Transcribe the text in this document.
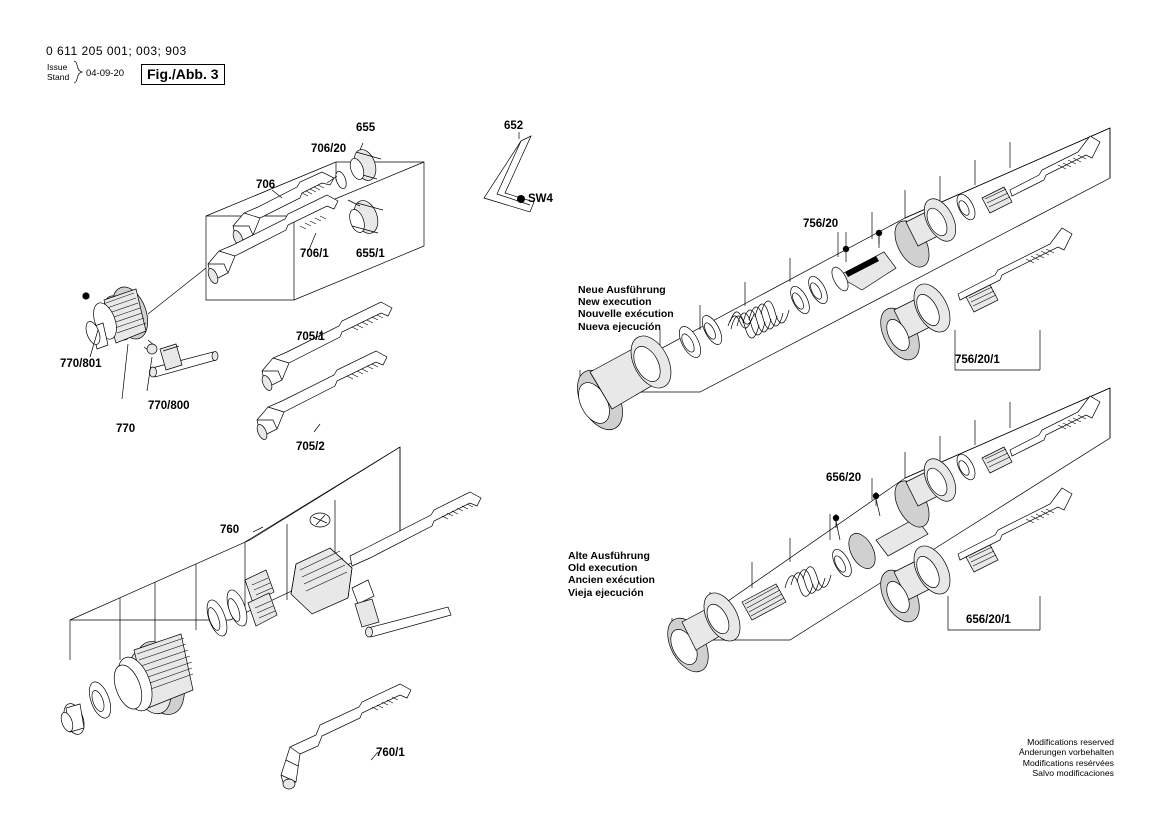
0 611 205 001; 003; 903
Issue
Stand 04-09-20	Fig./Abb. 3
655
706/20
706
706/1 655/1
652
SW4
770/801
770/800
770
705/1
705/2
760
760/1
756/20
756/20/1
656/20
656/20/1
Neue Ausführung
New execution
Nouvelle exécution
Nueva ejecución
Alte Ausführung
Old execution
Ancien exécution
Vieja ejecución
Modifications reserved
Änderungen vorbehalten
Modifications resérvées
Salvo modificaciones
